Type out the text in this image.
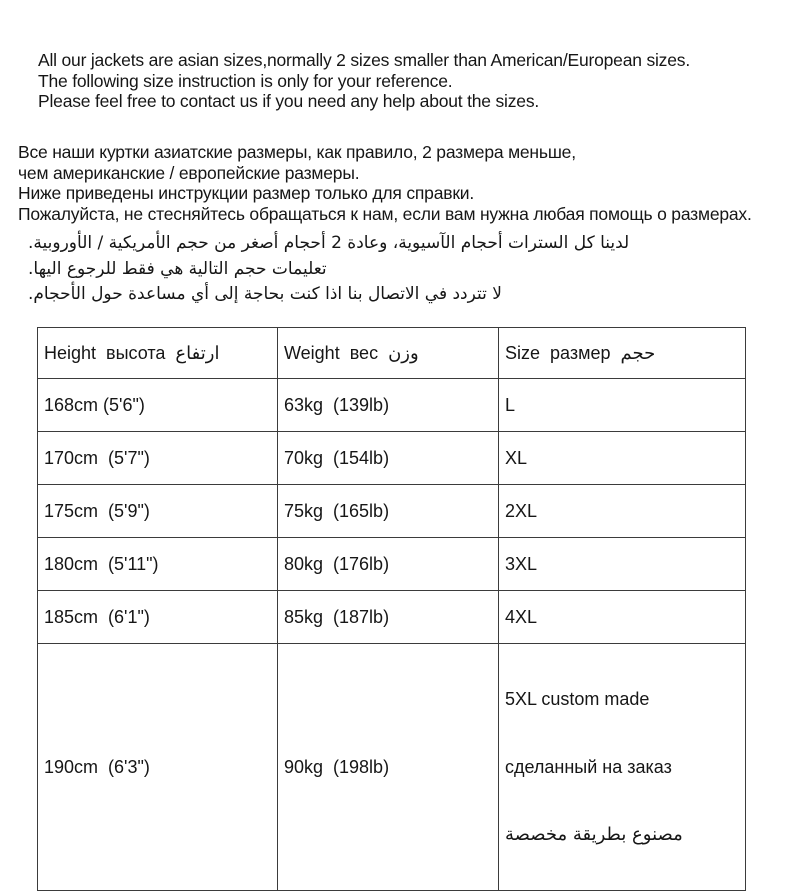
All our jackets are asian sizes,normally 2 sizes smaller than American/European sizes.
The following size instruction is only for your reference.
Please feel free to contact us if you need any help about the sizes.
Все наши куртки азиатские размеры, как правило, 2 размера меньше,
чем американские / европейские размеры.
Ниже приведены инструкции размер только для справки.
Пожалуйста, не стесняйтесь обращаться к нам, если вам нужна любая помощь о размерах.
لدينا كل السترات أحجام الآسيوية، وعادة 2 أحجام أصغر من حجم الأمريكية / الأوروبية.
تعليمات حجم التالية هي فقط للرجوع اليها.
لا تتردد في الاتصال بنا اذا كنت بحاجة إلى أي مساعدة حول الأحجام.
Height  высота  ارتفاع	Weight  вес  وزن	Size  размер  حجم
168cm (5'6")	63kg  (139lb)	L
170cm  (5'7")	70kg  (154lb)	XL
175cm  (5'9")	75kg  (165lb)	2XL
180cm  (5'11")	80kg  (176lb)	3XL
185cm  (6'1")	85kg  (187lb)	4XL
190cm  (6'3")	90kg  (198lb)	5XL custom made

сделанный на заказ

مصنوع بطريقة مخصصة
